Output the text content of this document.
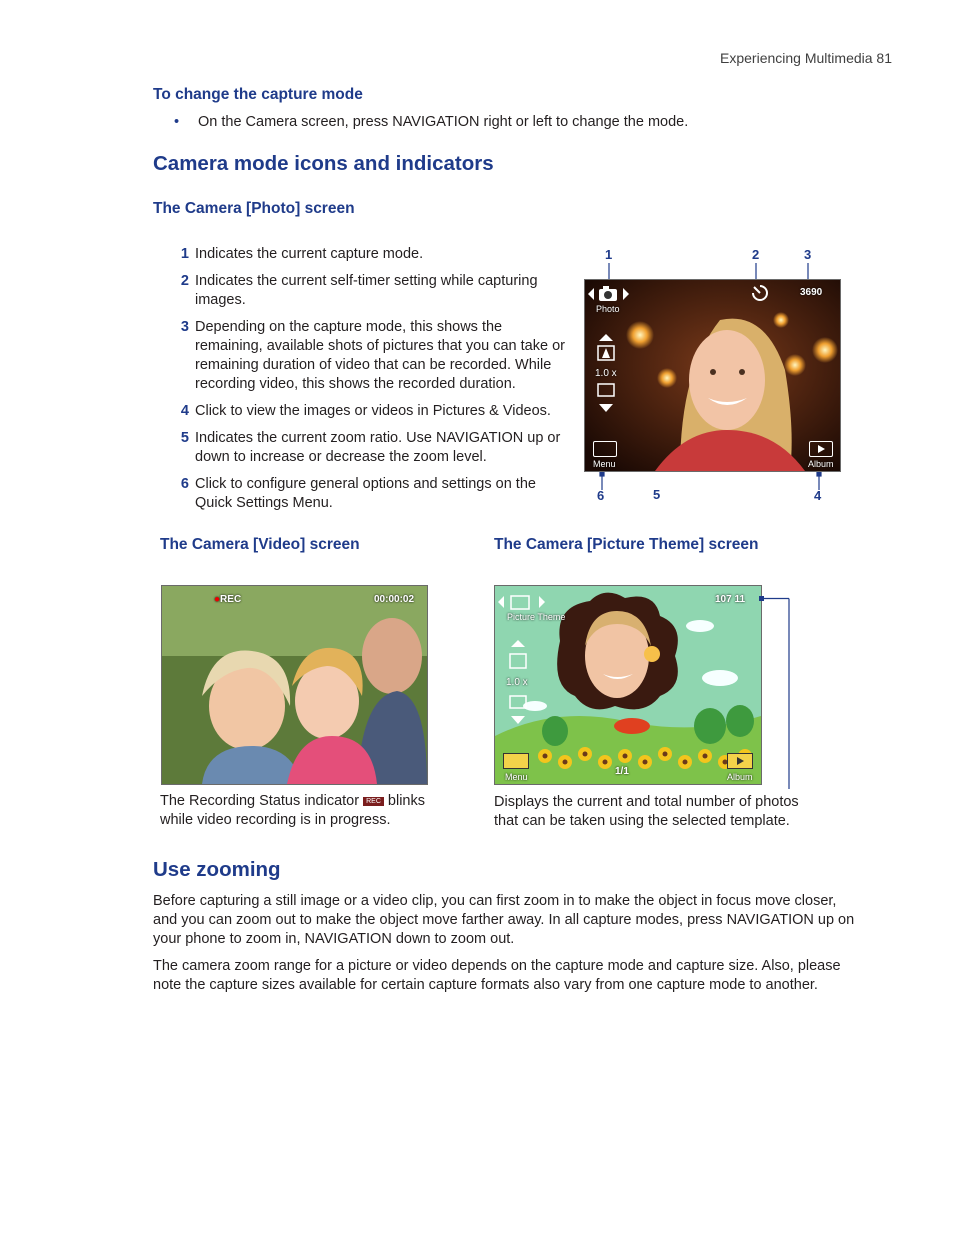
Experiencing Multimedia 81
To change the capture mode
• On the Camera screen, press NAVIGATION right or left to change the mode.
Camera mode icons and indicators
The Camera [Photo] screen
1 Indicates the current capture mode.
2 Indicates the current self-timer setting while capturing images.
3 Depending on the capture mode, this shows the remaining, available shots of pictures that you can take or remaining duration of video that can be recorded. While recording video, this shows the recorded duration.
4 Click to view the images or videos in Pictures & Videos.
5 Indicates the current zoom ratio. Use NAVIGATION up or down to increase or decrease the zoom level.
6 Click to configure general options and settings on the Quick Settings Menu.
1	2	3
6	5	4
Photo
3690
1.0 x
Menu	Album
The Camera [Video] screen	The Camera [Picture Theme] screen
●REC	00:00:02
The Recording Status indicator REC blinks while video recording is in progress.
Picture Theme
107 11
1.0 x
1/1
Menu	Album
Displays the current and total number of photos that can be taken using the selected template.
Use zooming
Before capturing a still image or a video clip, you can first zoom in to make the object in focus move closer, and you can zoom out to make the object move farther away. In all capture modes, press NAVIGATION up on your phone to zoom in, NAVIGATION down to zoom out.
The camera zoom range for a picture or video depends on the capture mode and capture size. Also, please note the capture sizes available for certain capture formats also vary from one capture mode to another.
